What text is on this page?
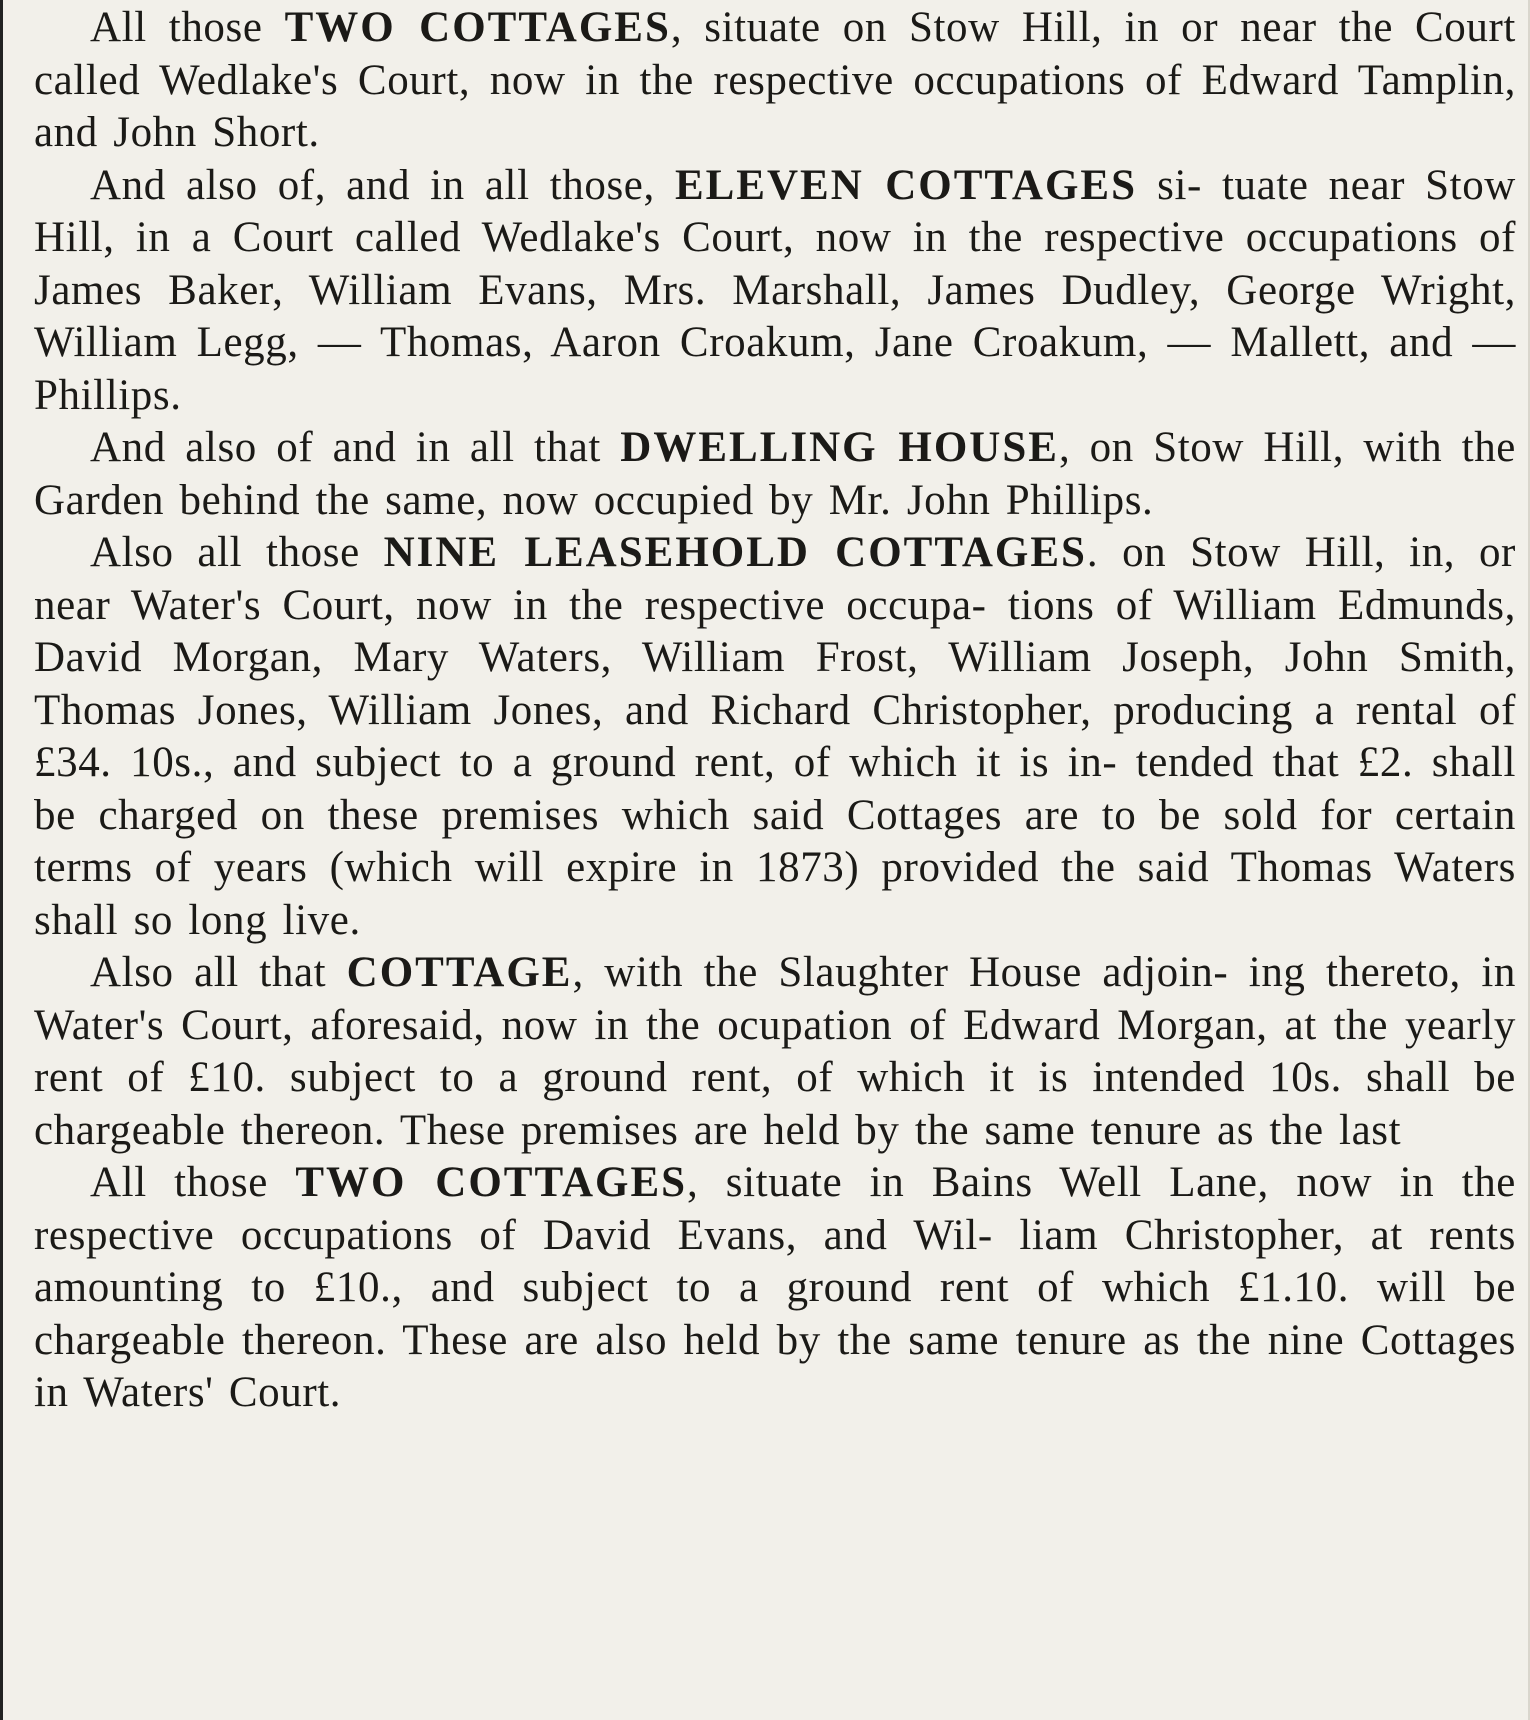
All those TWO COTTAGES, situate on Stow Hill, in or near the Court called Wedlake's Court, now in the respective occupations of Edward Tamplin, and John Short.
And also of, and in all those, ELEVEN COTTAGES si- tuate near Stow Hill, in a Court called Wedlake's Court, now in the respective occupations of James Baker, William Evans, Mrs. Marshall, James Dudley, George Wright, William Legg, — Thomas, Aaron Croakum, Jane Croakum, — Mallett, and — Phillips.
And also of and in all that DWELLING HOUSE, on Stow Hill, with the Garden behind the same, now occupied by Mr. John Phillips.
Also all those NINE LEASEHOLD COTTAGES. on Stow Hill, in, or near Water's Court, now in the respective occupa- tions of William Edmunds, David Morgan, Mary Waters, William Frost, William Joseph, John Smith, Thomas Jones, William Jones, and Richard Christopher, producing a rental of £34. 10s., and subject to a ground rent, of which it is in- tended that £2. shall be charged on these premises which said Cottages are to be sold for certain terms of years (which will expire in 1873) provided the said Thomas Waters shall so long live.
Also all that COTTAGE, with the Slaughter House adjoin- ing thereto, in Water's Court, aforesaid, now in the ocupation of Edward Morgan, at the yearly rent of £10. subject to a ground rent, of which it is intended 10s. shall be chargeable thereon. These premises are held by the same tenure as the last
All those TWO COTTAGES, situate in Bains Well Lane, now in the respective occupations of David Evans, and Wil- liam Christopher, at rents amounting to £10., and subject to a ground rent of which £1.10. will be chargeable thereon. These are also held by the same tenure as the nine Cottages in Waters' Court.
